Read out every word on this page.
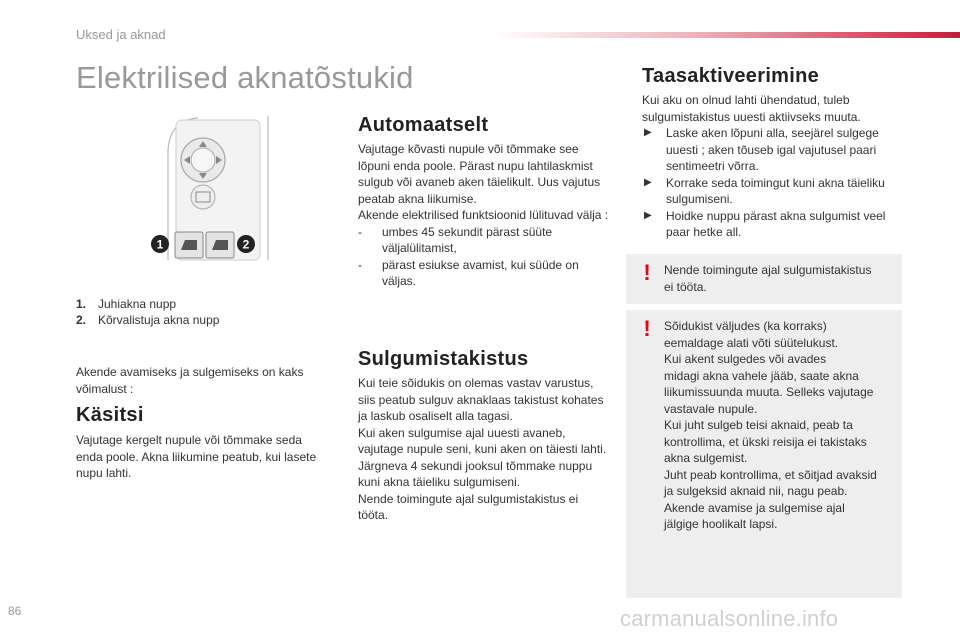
Uksed ja aknad
Elektrilised aknatõstukid
1	2
1. Juhiakna nupp
2. Kõrvalistuja akna nupp

Akende avamiseks ja sulgemiseks on kaks võimalust :

Käsitsi

Vajutage kergelt nupule või tõmmake seda

enda poole. Akna liikumine peatub, kui lasete

nupu lahti.

Automaatselt

Vajutage kõvasti nupule või tõmmake see

lõpuni enda poole. Pärast nupu lahtilaskmist

sulgub või avaneb aken täielikult. Uus vajutus

peatab akna liikumise.

Akende elektrilised funktsioonid lülituvad välja :

- umbes 45 sekundit pärast süüte

väljalülitamist,

- pärast esiukse avamist, kui süüde on

väljas.

Sulgumistakistus

Kui teie sõidukis on olemas vastav varustus,

siis peatub sulguv aknaklaas takistust kohates

ja laskub osaliselt alla tagasi.

Kui aken sulgumise ajal uuesti avaneb,

vajutage nupule seni, kuni aken on täiesti lahti.

Järgneva 4 sekundi jooksul tõmmake nuppu

kuni akna täieliku sulgumiseni.

Nende toimingute ajal sulgumistakistus ei

tööta.

Taasaktiveerimine

Kui aku on olnud lahti ühendatud, tuleb

sulgumistakistus uuesti aktiivseks muuta.

▶ Laske aken lõpuni alla, seejärel sulgege

uuesti ; aken tõuseb igal vajutusel paari

sentimeetri võrra.

▶ Korrake seda toimingut kuni akna täieliku

sulgumiseni.

▶ Hoidke nuppu pärast akna sulgumist veel

paar hetke all.

! Nende toimingute ajal sulgumistakistus

ei tööta.

! Sõidukist väljudes (ka korraks)

eemaldage alati võti süütelukust.

Kui akent sulgedes või avades

midagi akna vahele jääb, saate akna

liikumissuunda muuta. Selleks vajutage

vastavale nupule.

Kui juht sulgeb teisi aknaid, peab ta

kontrollima, et ükski reisija ei takistaks

akna sulgemist.

Juht peab kontrollima, et sõitjad avaksid

ja sulgeksid aknaid nii, nagu peab.

Akende avamise ja sulgemise ajal

jälgige hoolikalt lapsi.

86	carmanualsonline.info
